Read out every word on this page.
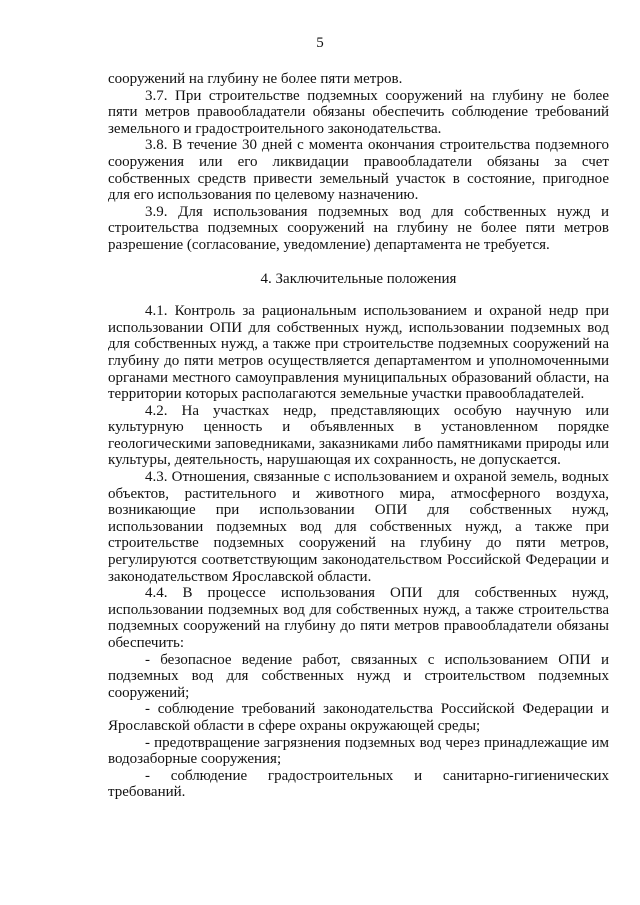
5

сооружений на глубину не более пяти метров.

3.7. При строительстве подземных сооружений на глубину не более пяти метров правообладатели обязаны обеспечить соблюдение требований земельного и градостроительного законодательства.

3.8. В течение 30 дней с момента окончания строительства подземного сооружения или его ликвидации правообладатели обязаны за счет собственных средств привести земельный участок в состояние, пригодное для его использования по целевому назначению.

3.9. Для использования подземных вод для собственных нужд и строительства подземных сооружений на глубину не более пяти метров разрешение (согласование, уведомление) департамента не требуется.

4. Заключительные положения

4.1. Контроль за рациональным использованием и охраной недр при использовании ОПИ для собственных нужд, использовании подземных вод для собственных нужд, а также при строительстве подземных сооружений на глубину до пяти метров осуществляется департаментом и уполномоченными органами местного самоуправления муниципальных образований области, на территории которых располагаются земельные участки правообладателей.

4.2. На участках недр, представляющих особую научную или культурную ценность и объявленных в установленном порядке геологическими заповедниками, заказниками либо памятниками природы или культуры, деятельность, нарушающая их сохранность, не допускается.

4.3. Отношения, связанные с использованием и охраной земель, водных объектов, растительного и животного мира, атмосферного воздуха, возникающие при использовании ОПИ для собственных нужд, использовании подземных вод для собственных нужд, а также при строительстве подземных сооружений на глубину до пяти метров, регулируются соответствующим законодательством Российской Федерации и законодательством Ярославской области.

4.4. В процессе использования ОПИ для собственных нужд, использовании подземных вод для собственных нужд, а также строительства подземных сооружений на глубину до пяти метров правообладатели обязаны обеспечить:

- безопасное ведение работ, связанных с использованием ОПИ и подземных вод для собственных нужд и строительством подземных сооружений;

- соблюдение требований законодательства Российской Федерации и Ярославской области в сфере охраны окружающей среды;

- предотвращение загрязнения подземных вод через принадлежащие им водозаборные сооружения;

- соблюдение градостроительных и санитарно-гигиенических требований.
